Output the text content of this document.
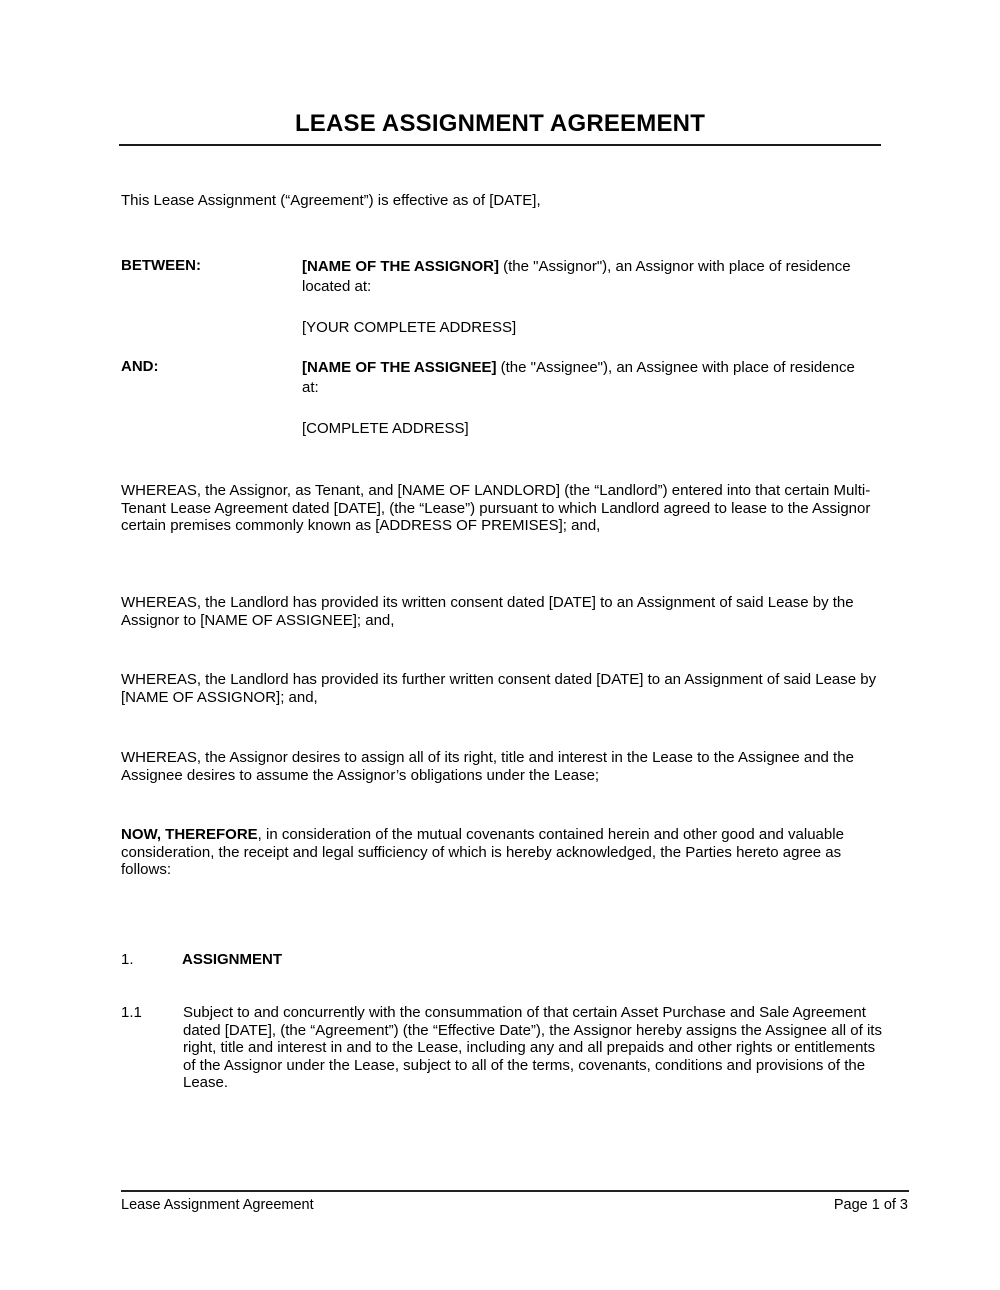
LEASE ASSIGNMENT AGREEMENT
This Lease Assignment (“Agreement”) is effective as of [DATE],
BETWEEN:	[NAME OF THE ASSIGNOR] (the "Assignor"), an Assignor with place of residence located at:
[YOUR COMPLETE ADDRESS]
AND:	[NAME OF THE ASSIGNEE] (the "Assignee"), an Assignee with place of residence at:
[COMPLETE ADDRESS]
WHEREAS, the Assignor, as Tenant, and [NAME OF LANDLORD] (the “Landlord”) entered into that certain Multi-Tenant Lease Agreement dated [DATE], (the “Lease”) pursuant to which Landlord agreed to lease to the Assignor certain premises commonly known as [ADDRESS OF PREMISES]; and,
WHEREAS, the Landlord has provided its written consent dated [DATE] to an Assignment of said Lease by the Assignor to [NAME OF ASSIGNEE]; and,
WHEREAS, the Landlord has provided its further written consent dated [DATE] to an Assignment of said Lease by [NAME OF ASSIGNOR]; and,
WHEREAS, the Assignor desires to assign all of its right, title and interest in the Lease to the Assignee and the Assignee desires to assume the Assignor’s obligations under the Lease;
NOW, THEREFORE, in consideration of the mutual covenants contained herein and other good and valuable consideration, the receipt and legal sufficiency of which is hereby acknowledged, the Parties hereto agree as follows:
1.	ASSIGNMENT
1.1	Subject to and concurrently with the consummation of that certain Asset Purchase and Sale Agreement dated [DATE], (the “Agreement”) (the “Effective Date”), the Assignor hereby assigns the Assignee all of its right, title and interest in and to the Lease, including any and all prepaids and other rights or entitlements of the Assignor under the Lease, subject to all of the terms, covenants, conditions and provisions of the Lease.
Lease Assignment Agreement	Page 1 of 3
